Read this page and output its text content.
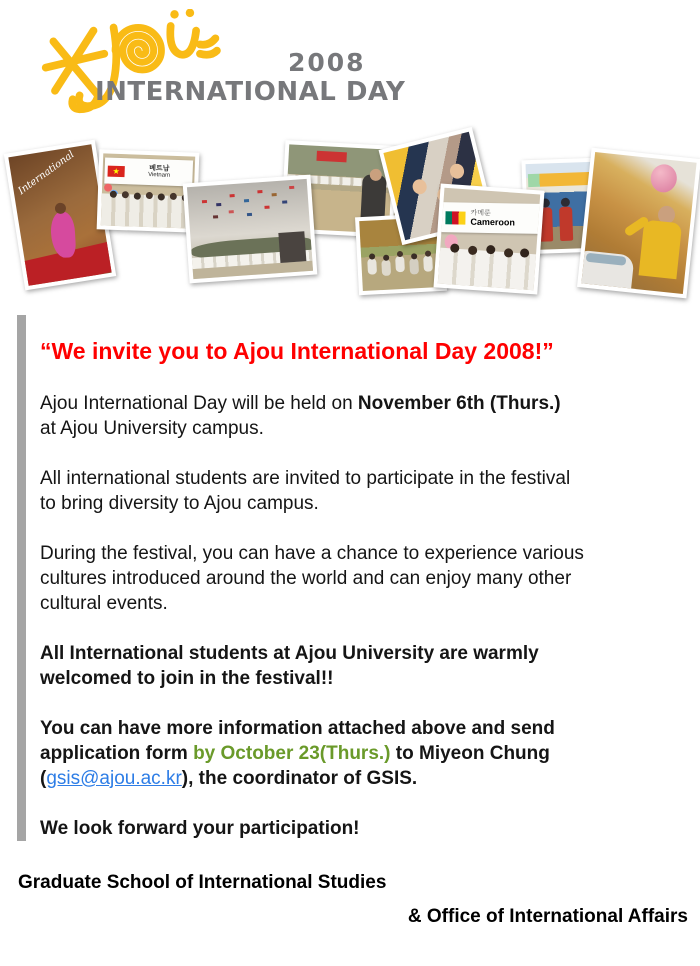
2008
INTERNATIONAL DAY
International	★	베트남
Vietnam
카메룬
Cameroon
“We invite you to Ajou International Day 2008!”

Ajou International Day will be held on November 6th (Thurs.)
at Ajou University campus.

All international students are invited to participate in the festival
to bring diversity to Ajou campus.

During the festival, you can have a chance to experience various
cultures introduced around the world and can enjoy many other
cultural events.

All International students at Ajou University are warmly
welcomed to join in the festival!!

You can have more information attached above and send
application form by October 23(Thurs.) to Miyeon Chung
(gsis@ajou.ac.kr), the coordinator of GSIS.

We look forward your participation!

Graduate School of International Studies
& Office of International Affairs
